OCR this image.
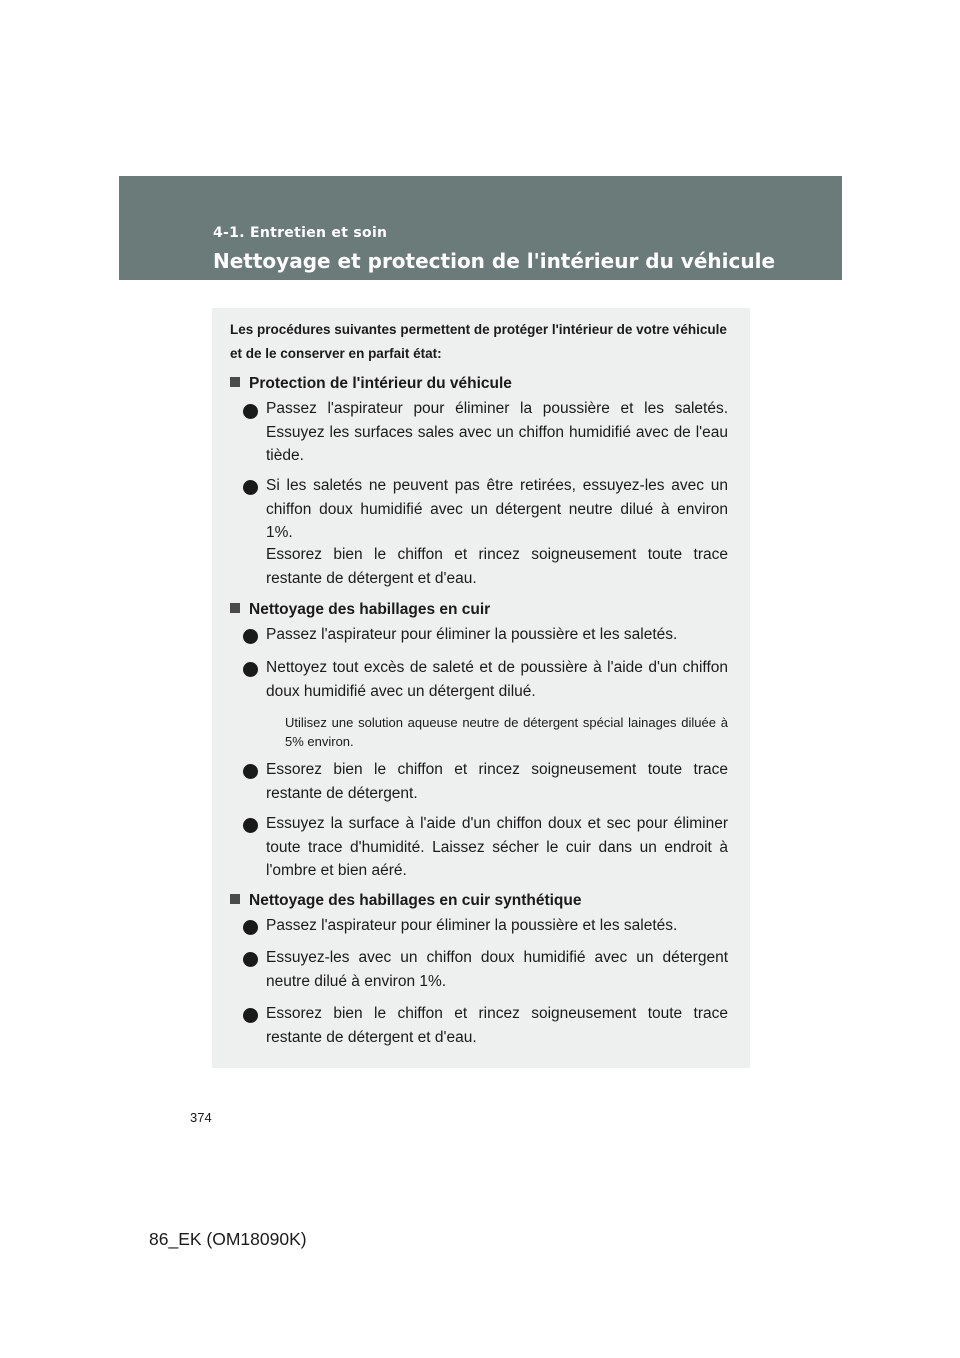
4-1. Entretien et soin
Nettoyage et protection de l'intérieur du véhicule
Les procédures suivantes permettent de protéger l'intérieur de votre véhicule et de le conserver en parfait état:
Protection de l'intérieur du véhicule
Passez l'aspirateur pour éliminer la poussière et les saletés. Essuyez les surfaces sales avec un chiffon humidifié avec de l'eau tiède.
Si les saletés ne peuvent pas être retirées, essuyez-les avec un chiffon doux humidifié avec un détergent neutre dilué à environ 1%.
Essorez bien le chiffon et rincez soigneusement toute trace restante de détergent et d'eau.
Nettoyage des habillages en cuir
Passez l'aspirateur pour éliminer la poussière et les saletés.
Nettoyez tout excès de saleté et de poussière à l'aide d'un chiffon doux humidifié avec un détergent dilué.
Utilisez une solution aqueuse neutre de détergent spécial lainages diluée à 5% environ.
Essorez bien le chiffon et rincez soigneusement toute trace restante de détergent.
Essuyez la surface à l'aide d'un chiffon doux et sec pour éliminer toute trace d'humidité. Laissez sécher le cuir dans un endroit à l'ombre et bien aéré.
Nettoyage des habillages en cuir synthétique
Passez l'aspirateur pour éliminer la poussière et les saletés.
Essuyez-les avec un chiffon doux humidifié avec un détergent neutre dilué à environ 1%.
Essorez bien le chiffon et rincez soigneusement toute trace restante de détergent et d'eau.
374
86_EK (OM18090K)
